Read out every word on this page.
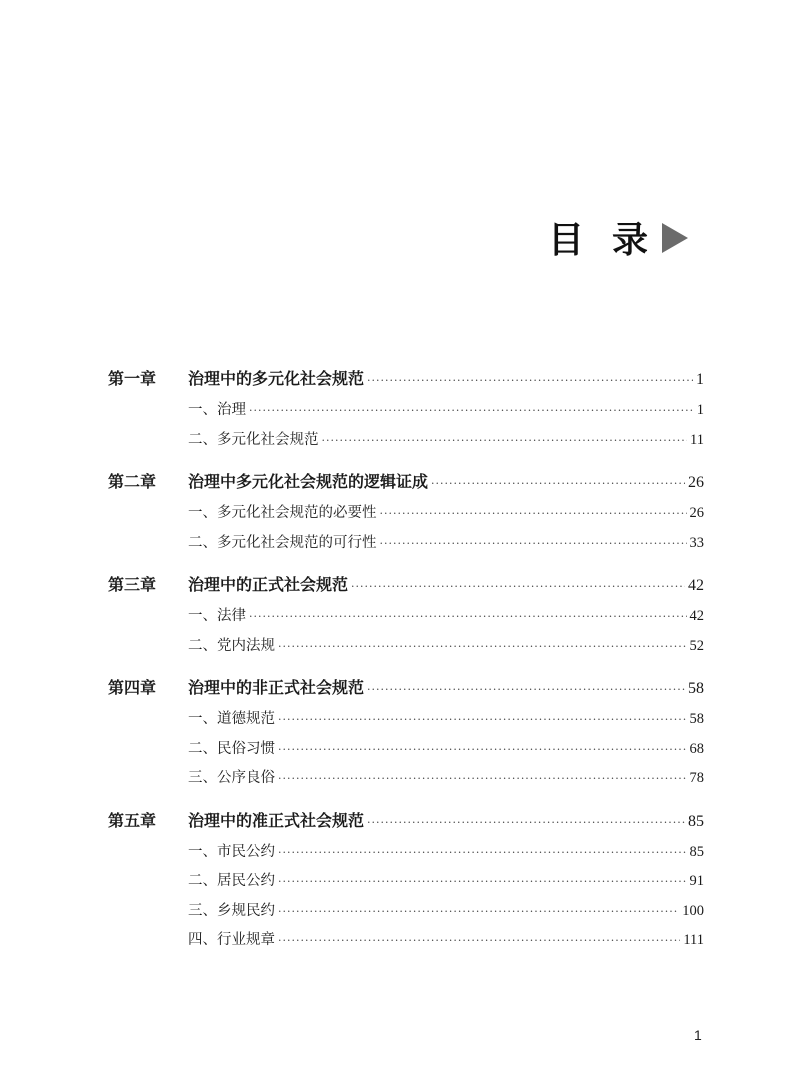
目录
第一章	治理中的多元化社会规范 ·····	1
一、治理 ·····	1
二、多元化社会规范 ·····	11
第二章	治理中多元化社会规范的逻辑证成 ·····	26
一、多元化社会规范的必要性 ·····	26
二、多元化社会规范的可行性 ·····	33
第三章	治理中的正式社会规范 ·····	42
一、法律 ·····	42
二、党内法规 ·····	52
第四章	治理中的非正式社会规范 ·····	58
一、道德规范 ·····	58
二、民俗习惯 ·····	68
三、公序良俗 ·····	78
第五章	治理中的准正式社会规范 ·····	85
一、市民公约 ·····	85
二、居民公约 ·····	91
三、乡规民约 ·····	100
四、行业规章 ·····	111
1
